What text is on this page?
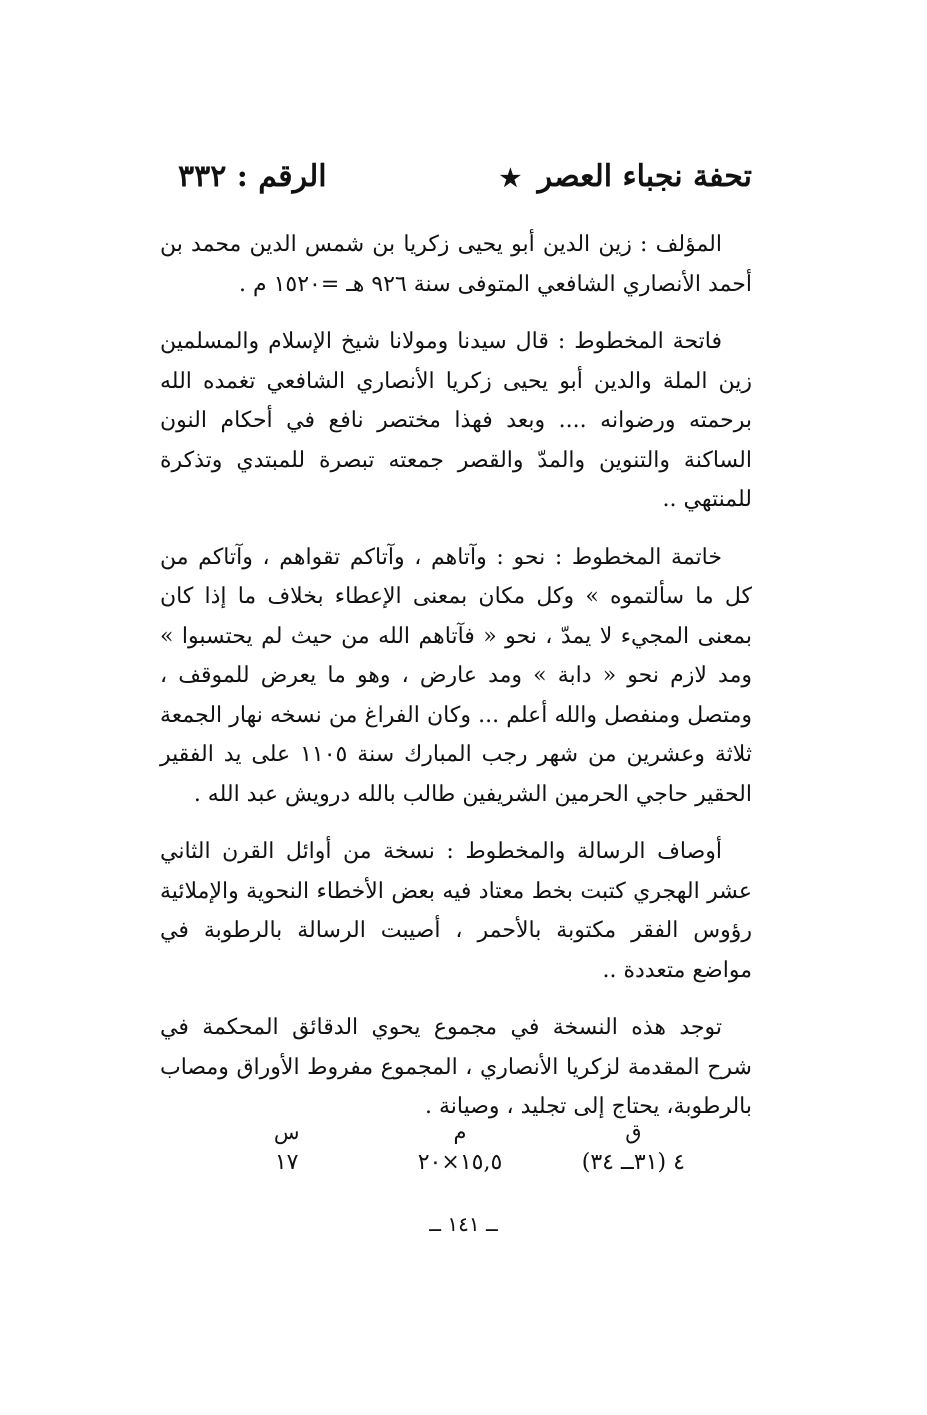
تحفة نجباء العصر ★
الرقم : ٣٣٢

المؤلف : زين الدين أبو يحيى زكريا بن شمس الدين محمد بن أحمد الأنصاري الشافعي المتوفى سنة ٩٢٦ هـ =١٥٢٠ م .

فاتحة المخطوط : قال سيدنا ومولانا شيخ الإسلام والمسلمين زين الملة والدين أبو يحيى زكريا الأنصاري الشافعي تغمده الله برحمته ورضوانه .... وبعد فهذا مختصر نافع في أحكام النون الساكنة والتنوين والمدّ والقصر جمعته تبصرة للمبتدي وتذكرة للمنتهي ..

خاتمة المخطوط : نحو : وآتاهم ، وآتاكم تقواهم ، وآتاكم من كل ما سألتموه » وكل مكان بمعنى الإعطاء بخلاف ما إذا كان بمعنى المجيء لا يمدّ ، نحو « فآتاهم الله من حيث لم يحتسبوا » ومد لازم نحو « دابة » ومد عارض ، وهو ما يعرض للموقف ، ومتصل ومنفصل والله أعلم ... وكان الفراغ من نسخه نهار الجمعة ثلاثة وعشرين من شهر رجب المبارك سنة ١١٠٥ على يد الفقير الحقير حاجي الحرمين الشريفين طالب بالله درويش عبد الله .

أوصاف الرسالة والمخطوط : نسخة من أوائل القرن الثاني عشر الهجري كتبت بخط معتاد فيه بعض الأخطاء النحوية والإملائية رؤوس الفقر مكتوبة بالأحمر ، أصيبت الرسالة بالرطوبة في مواضع متعددة ..

توجد هذه النسخة في مجموع يحوي الدقائق المحكمة في شرح المقدمة لزكريا الأنصاري ، المجموع مفروط الأوراق ومصاب بالرطوبة، يحتاج إلى تجليد ، وصيانة .

ق
م
س
٤ (٣١ــ ٣٤)
١٥,٥×٢٠
١٧
ــ ١٤١ ــ
